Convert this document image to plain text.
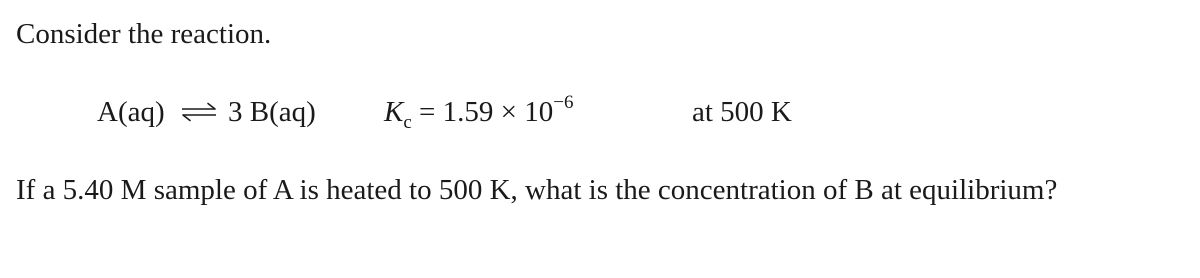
Consider the reaction.
A(aq) ⇌ 3 B(aq) $K_c = 1.59 \times 10^{-6}$	at 500 K
If a 5.40 M sample of A is heated to 500 K, what is the concentration of B at equilibrium?
